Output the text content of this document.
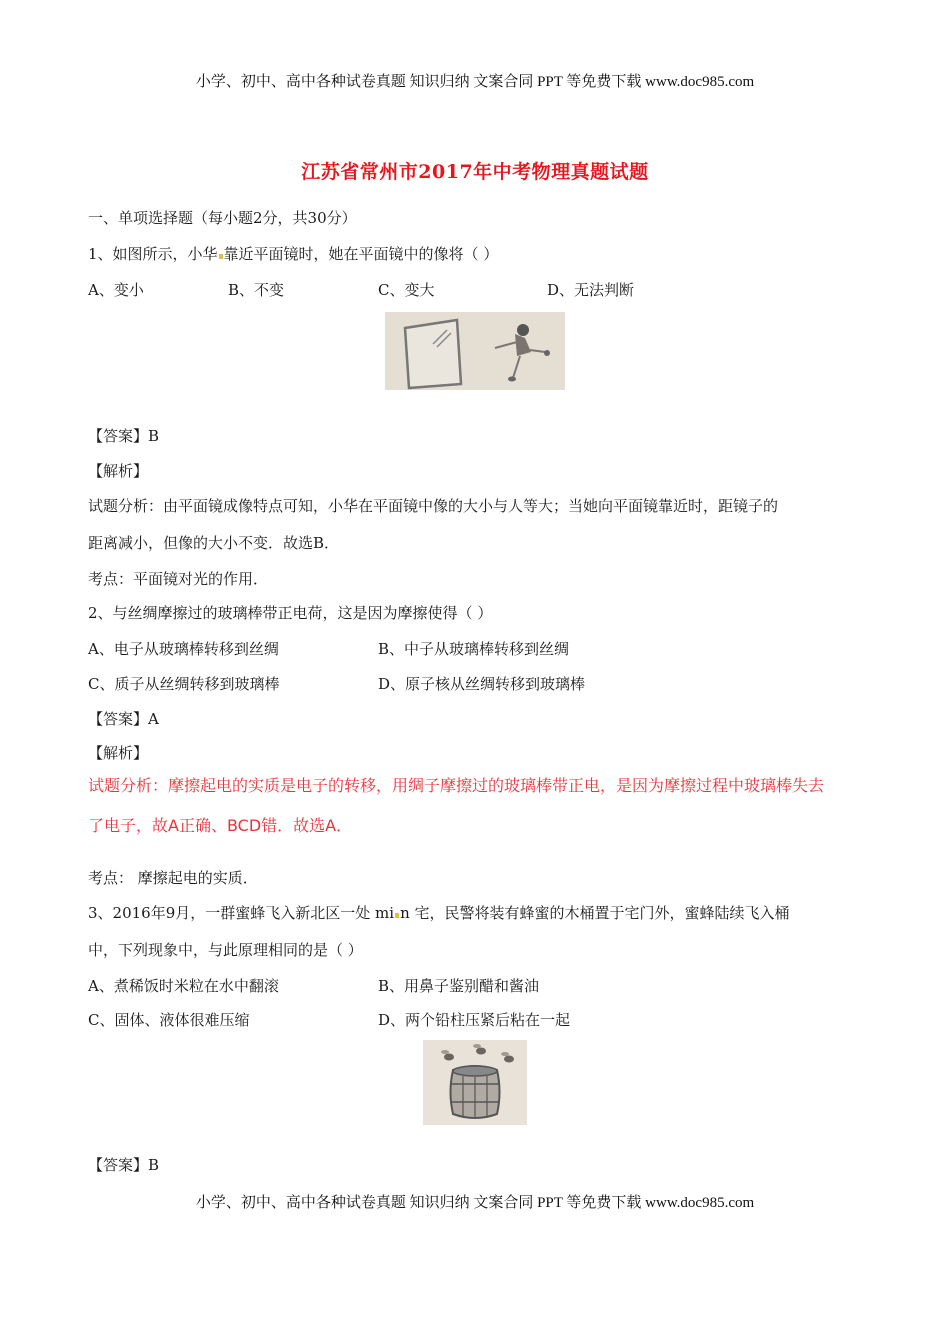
小学、初中、高中各种试卷真题 知识归纳 文案合同 PPT 等免费下载 www.doc985.com
江苏省常州市2017年中考物理真题试题
一、单项选择题（每小题2分，共30分）
1、如图所示，小华 靠近平面镜时，她在平面镜中的像将（ ）
A、变小	B、不变	C、变大	D、无法判断
【答案】B
【解析】
试题分析：由平面镜成像特点可知，小华在平面镜中像的大小与人等大；当她向平面镜靠近时，距镜子的
距离减小，但像的大小不变．故选B．
考点：平面镜对光的作用．
2、与丝绸摩擦过的玻璃棒带正电荷，这是因为摩擦使得（ ）
A、电子从玻璃棒转移到丝绸	B、中子从玻璃棒转移到丝绸
C、质子从丝绸转移到玻璃棒	D、原子核从丝绸转移到玻璃棒
【答案】A
【解析】
试题分析：摩擦起电的实质是电子的转移，用绸子摩擦过的玻璃棒带正电，是因为摩擦过程中玻璃棒失去
了电子，故A正确、BCD错．故选A．
考点： 摩擦起电的实质．
3、2016年9月，一群蜜蜂飞入新北区一处 mi n 宅，民警将装有蜂蜜的木桶置于宅门外，蜜蜂陆续飞入桶
中，下列现象中，与此原理相同的是（ ）
A、煮稀饭时米粒在水中翻滚	B、用鼻子鉴别醋和酱油
C、固体、液体很难压缩	D、两个铅柱压紧后粘在一起
【答案】B
小学、初中、高中各种试卷真题 知识归纳 文案合同 PPT 等免费下载 www.doc985.com
